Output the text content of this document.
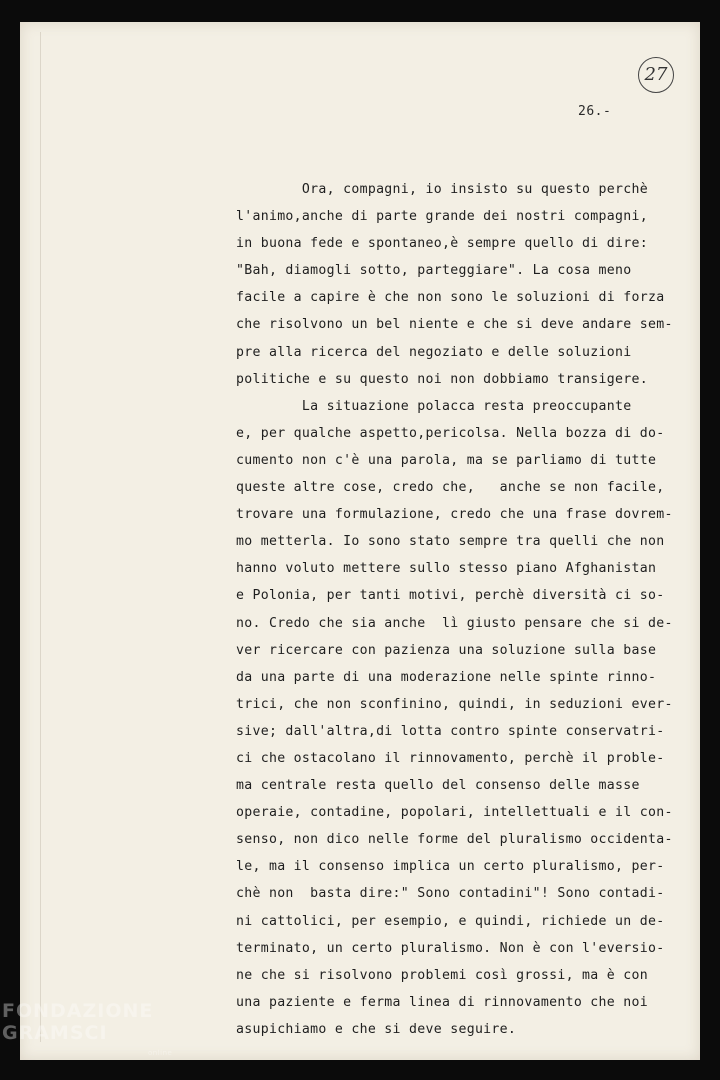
27
26.-
Ora, compagni, io insisto su questo perchè
l'animo,anche di parte grande dei nostri compagni,
in buona fede e spontaneo,è sempre quello di dire:
"Bah, diamogli sotto, parteggiare". La cosa meno
facile a capire è che non sono le soluzioni di forza
che risolvono un bel niente e che si deve andare sem-
pre alla ricerca del negoziato e delle soluzioni
politiche e su questo noi non dobbiamo transigere.
La situazione polacca resta preoccupante
e, per qualche aspetto,pericolsa. Nella bozza di do-
cumento non c'è una parola, ma se parliamo di tutte
queste altre cose, credo che,   anche se non facile,
trovare una formulazione, credo che una frase dovrem-
mo metterla. Io sono stato sempre tra quelli che non
hanno voluto mettere sullo stesso piano Afghanistan
e Polonia, per tanti motivi, perchè diversità ci so-
no. Credo che sia anche  lì giusto pensare che si de-
ver ricercare con pazienza una soluzione sulla base
da una parte di una moderazione nelle spinte rinno-
trici, che non sconfinino, quindi, in seduzioni ever-
sive; dall'altra,di lotta contro spinte conservatri-
ci che ostacolano il rinnovamento, perchè il proble-
ma centrale resta quello del consenso delle masse
operaie, contadine, popolari, intellettuali e il con-
senso, non dico nelle forme del pluralismo occidenta-
le, ma il consenso implica un certo pluralismo, per-
chè non  basta dire:" Sono contadini"! Sono contadi-
ni cattolici, per esempio, e quindi, richiede un de-
terminato, un certo pluralismo. Non è con l'eversio-
ne che si risolvono problemi così grossi, ma è con
una paziente e ferma linea di rinnovamento che noi
asupichiamo e che si deve seguire.
FONDAZIONE
GRAMSCI
online
